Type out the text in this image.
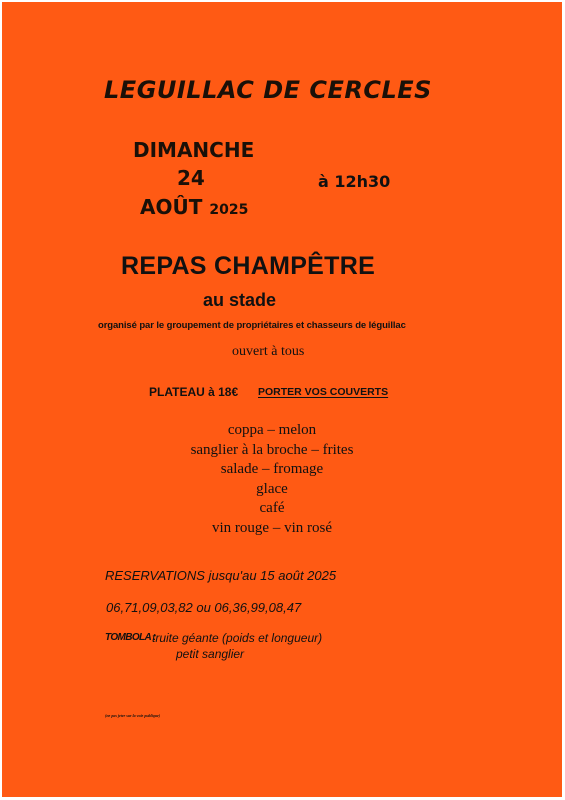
LEGUILLAC DE CERCLES
DIMANCHE
24
AOÛT 2025
à 12h30
REPAS CHAMPÊTRE
au stade
organisé par le groupement de propriétaires et chasseurs de léguillac
ouvert à tous
PLATEAU à 18€ PORTER VOS COUVERTS
coppa – melon
sanglier à la broche – frites
salade – fromage
glace
café
vin rouge – vin rosé
RESERVATIONS jusqu'au 15 août 2025
06,71,09,03,82 ou 06,36,99,08,47
TOMBOLA :
truite géante (poids et longueur)
petit sanglier
(ne pas jeter sur la voie publique)
